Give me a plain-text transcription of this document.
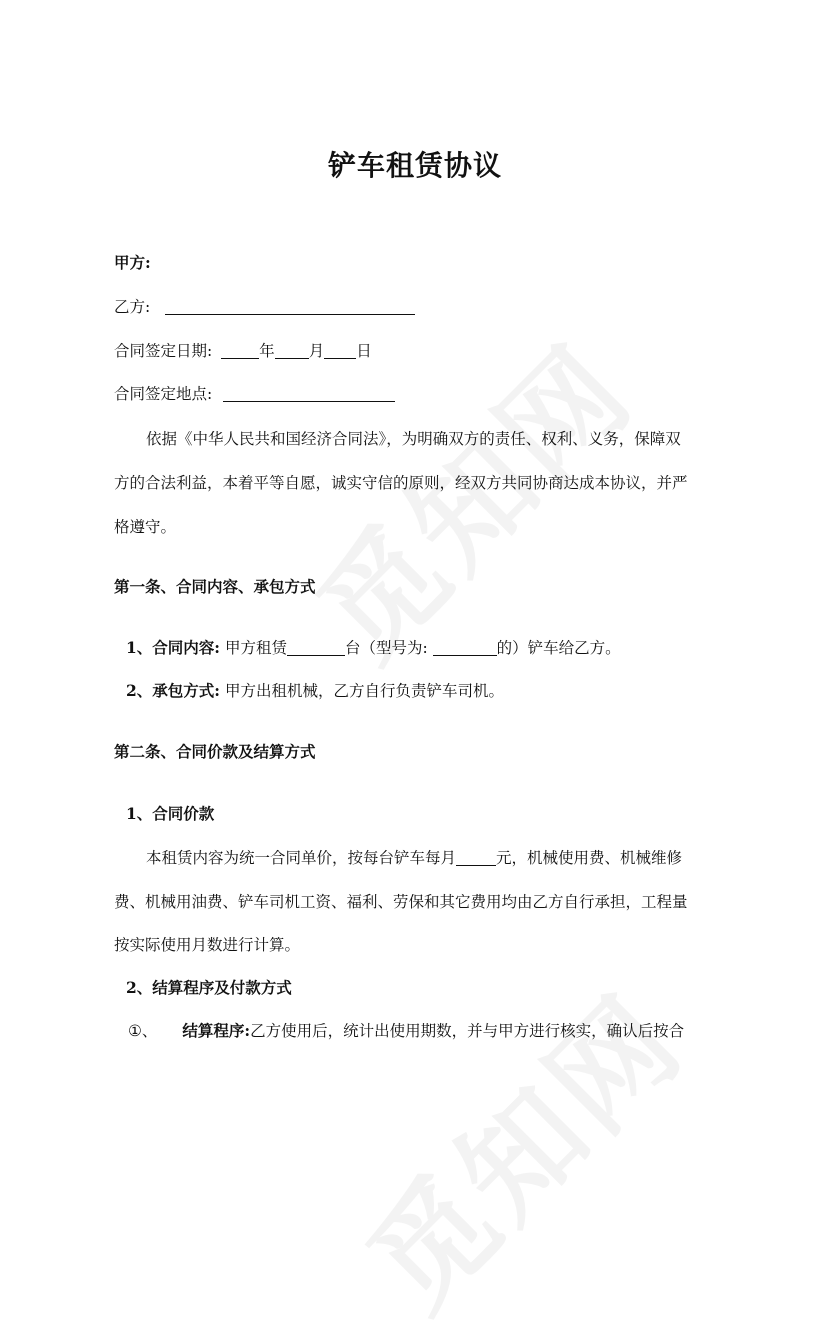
铲车租赁协议
甲方:
乙方:
合同签定日期:	年 月 日
合同签定地点:
依据《中华人民共和国经济合同法》，为明确双方的责任、权利、义务，保障双
方的合法利益，本着平等自愿，诚实守信的原则，经双方共同协商达成本协议，并严
格遵守。
第一条、合同内容、承包方式
1、合同内容: 甲方租赁	台（型号为:	的）铲车给乙方。
2、承包方式: 甲方出租机械，乙方自行负责铲车司机。
第二条、合同价款及结算方式
1、合同价款
本租赁内容为统一合同单价，按每台铲车每月	元，机械使用费、机械维修
费、机械用油费、铲车司机工资、福利、劳保和其它费用均由乙方自行承担，工程量
按实际使用月数进行计算。
2、结算程序及付款方式
①、 结算程序:乙方使用后，统计出使用期数，并与甲方进行核实，确认后按合
